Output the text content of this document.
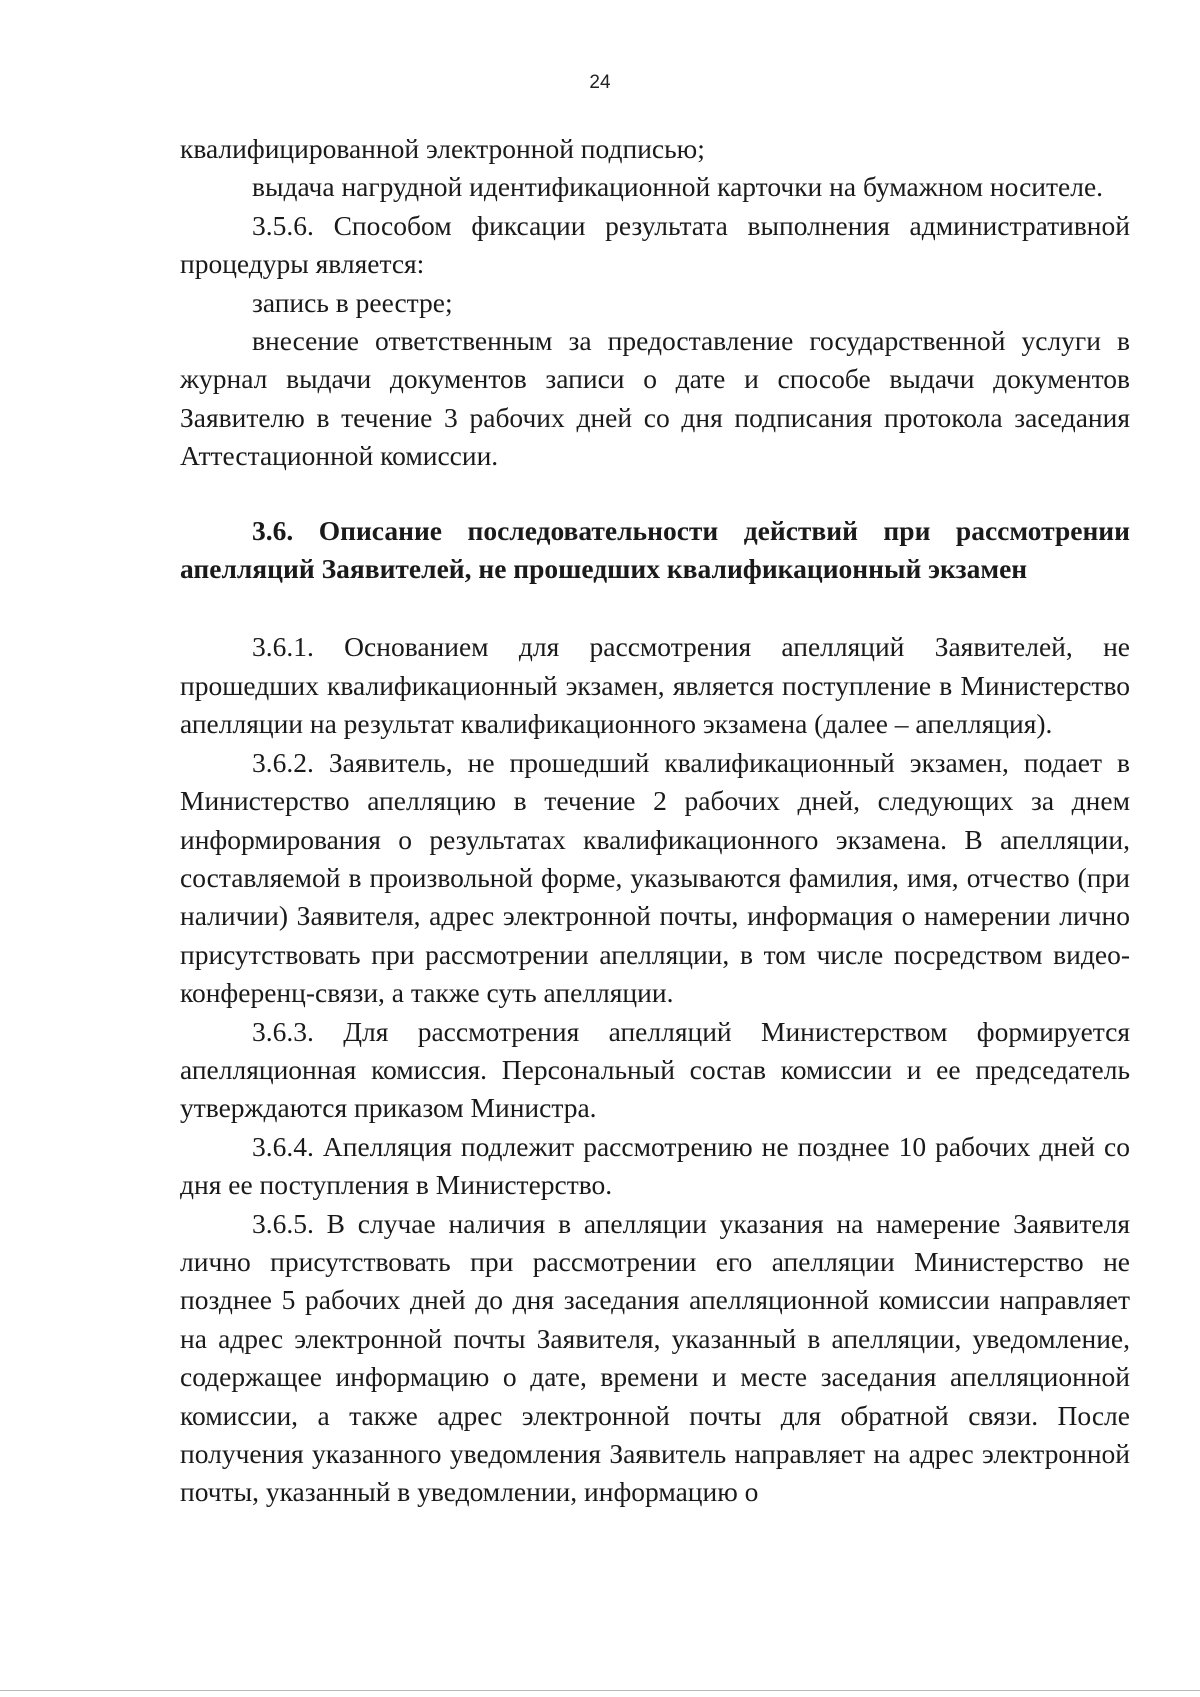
24

квалифицированной электронной подписью;

выдача нагрудной идентификационной карточки на бумажном носителе.

3.5.6. Способом фиксации результата выполнения административной процедуры является:

запись в реестре;

внесение ответственным за предоставление государственной услуги в журнал выдачи документов записи о дате и способе выдачи документов Заявителю в течение 3 рабочих дней со дня подписания протокола заседания Аттестационной комиссии.

3.6. Описание последовательности действий при рассмотрении апелляций Заявителей, не прошедших квалификационный экзамен

3.6.1. Основанием для рассмотрения апелляций Заявителей, не прошедших квалификационный экзамен, является поступление в Министерство апелляции на результат квалификационного экзамена (далее – апелляция).

3.6.2. Заявитель, не прошедший квалификационный экзамен, подает в Министерство апелляцию в течение 2 рабочих дней, следующих за днем информирования о результатах квалификационного экзамена. В апелляции, составляемой в произвольной форме, указываются фамилия, имя, отчество (при наличии) Заявителя, адрес электронной почты, информация о намерении лично присутствовать при рассмотрении апелляции, в том числе посредством видео-конференц-связи, а также суть апелляции.

3.6.3. Для рассмотрения апелляций Министерством формируется апелляционная комиссия. Персональный состав комиссии и ее председатель утверждаются приказом Министра.

3.6.4. Апелляция подлежит рассмотрению не позднее 10 рабочих дней со дня ее поступления в Министерство.

3.6.5. В случае наличия в апелляции указания на намерение Заявителя лично присутствовать при рассмотрении его апелляции Министерство не позднее 5 рабочих дней до дня заседания апелляционной комиссии направляет на адрес электронной почты Заявителя, указанный в апелляции, уведомление, содержащее информацию о дате, времени и месте заседания апелляционной комиссии, а также адрес электронной почты для обратной связи. После получения указанного уведомления Заявитель направляет на адрес электронной почты, указанный в уведомлении, информацию о
